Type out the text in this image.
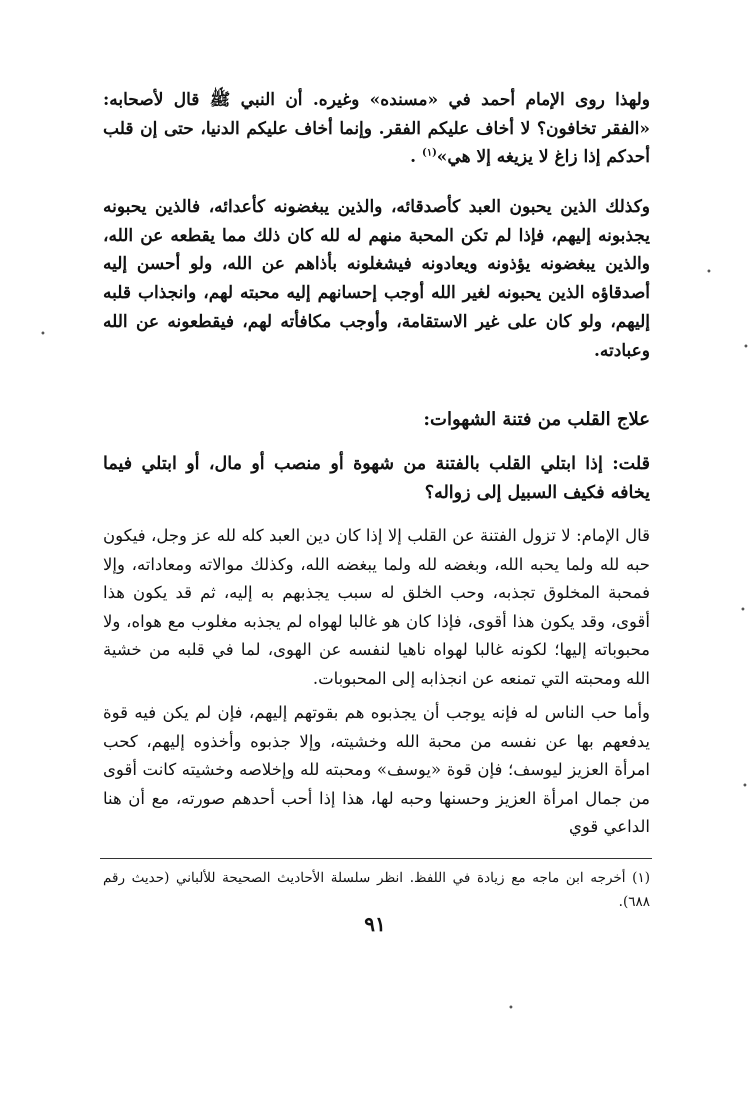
ولهذا روى الإمام أحمد في «مسنده» وغيره. أن النبي ﷺ قال لأصحابه: «الفقر تخافون؟ لا أخاف عليكم الفقر. وإنما أخاف عليكم الدنيا، حتى إن قلب أحدكم إذا زاغ لا يزيغه إلا هي»$^{(١)}$ .

وكذلك الذين يحبون العبد كأصدقائه، والذين يبغضونه كأعدائه، فالذين يحبونه يجذبونه إليهم، فإذا لم تكن المحبة منهم له لله كان ذلك مما يقطعه عن الله، والذين يبغضونه يؤذونه ويعادونه فيشغلونه بأذاهم عن الله، ولو أحسن إليه أصدقاؤه الذين يحبونه لغير الله أوجب إحسانهم إليه محبته لهم، وانجذاب قلبه إليهم، ولو كان على غير الاستقامة، وأوجب مكافأته لهم، فيقطعونه عن الله وعبادته.

علاج القلب من فتنة الشهوات:

قلت: إذا ابتلي القلب بالفتنة من شهوة أو منصب أو مال، أو ابتلي فيما يخافه فكيف السبيل إلى زواله؟

قال الإمام: لا تزول الفتنة عن القلب إلا إذا كان دين العبد كله لله عز وجل، فيكون حبه لله ولما يحبه الله، وبغضه لله ولما يبغضه الله، وكذلك موالاته ومعاداته، وإلا فمحبة المخلوق تجذبه، وحب الخلق له سبب يجذبهم به إليه، ثم قد يكون هذا أقوى، وقد يكون هذا أقوى، فإذا كان هو غالبا لهواه لم يجذبه مغلوب مع هواه، ولا محبوباته إليها؛ لكونه غالبا لهواه ناهيا لنفسه عن الهوى، لما في قلبه من خشية الله ومحبته التي تمنعه عن انجذابه إلى المحبوبات.

وأما حب الناس له فإنه يوجب أن يجذبوه هم بقوتهم إليهم، فإن لم يكن فيه قوة يدفعهم بها عن نفسه من محبة الله وخشيته، وإلا جذبوه وأخذوه إليهم، كحب امرأة العزيز ليوسف؛ فإن قوة «يوسف» ومحبته لله وإخلاصه وخشيته كانت أقوى من جمال امرأة العزيز وحسنها وحبه لها، هذا إذا أحب أحدهم صورته، مع أن هنا الداعي قوي

(١) أخرجه ابن ماجه مع زيادة في اللفظ. انظر سلسلة الأحاديث الصحيحة للألباني (حديث رقم ٦٨٨).

٩١

•
•
•
•
•
•
